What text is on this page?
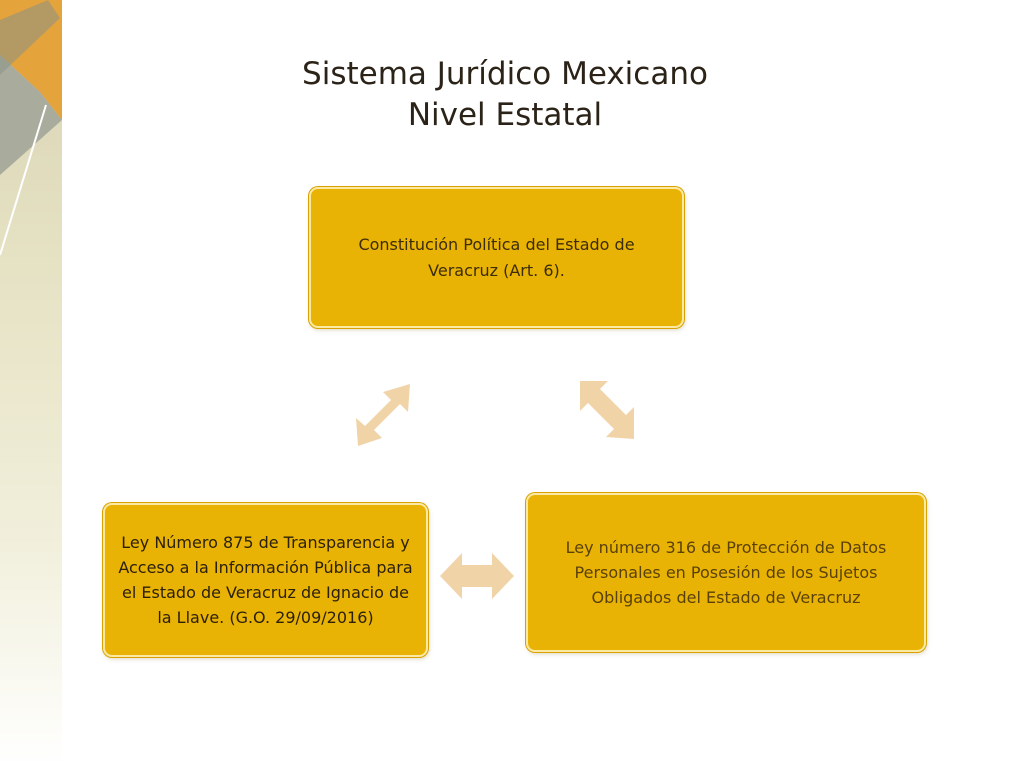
Sistema Jurídico Mexicano
Nivel Estatal
Constitución Política del Estado de Veracruz (Art. 6).
Ley número 316 de Protección de Datos Personales en Posesión de los Sujetos Obligados del Estado de Veracruz
Ley Número 875 de Transparencia y Acceso a la Información Pública para el Estado de Veracruz de Ignacio de la Llave. (G.O. 29/09/2016)
